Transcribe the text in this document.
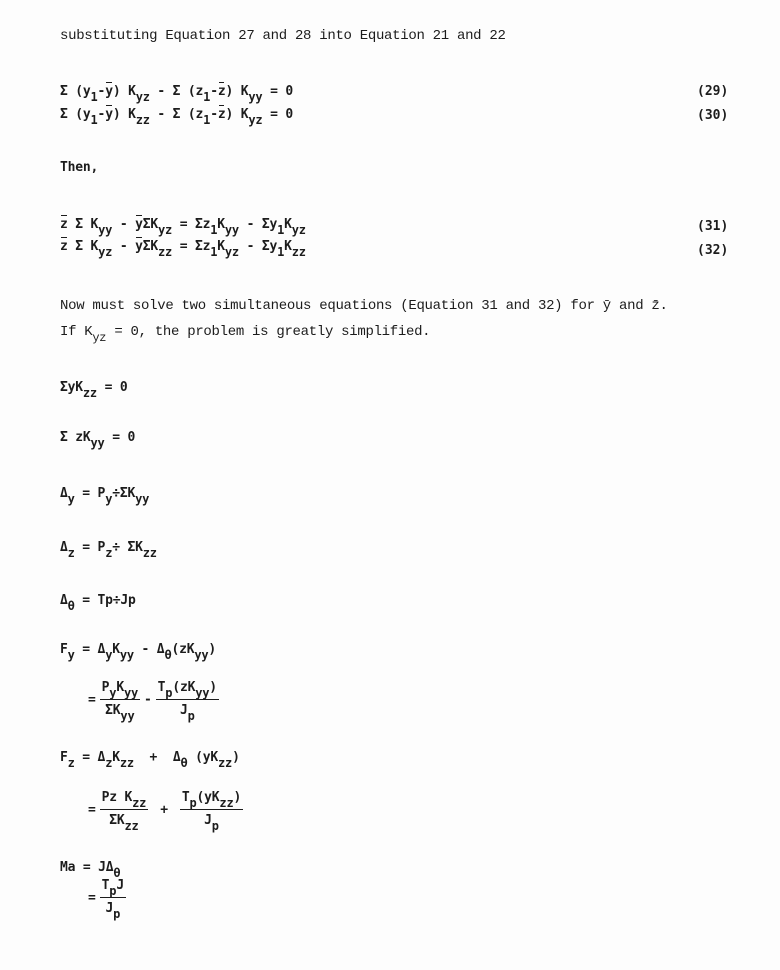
substituting Equation 27 and 28 into Equation 21 and 22
Σ $(y_1-y)$ $K_{yz}$ - Σ $(z_1-z) K_{yy} = 0$	(29)
Σ $(y_1-y)$ $K_{zz}$ - Σ $(z_1-z) K_{yz} = 0$	(30)
Then,
z Σ $K_{yy} - y\Sigma K_{yz} = \Sigma z_1K_{yy} - \Sigma y_1K_{yz}$	(31)
z Σ $K_{yz} - y\Sigma K_{zz} = \Sigma z_1K_{yz} - \Sigma y_1K_{zz}$	(32)
Now must solve two simultaneous equations (Equation 31 and 32) for ȳ and z̄.
If $K_{yz} = 0$, the problem is greatly simplified.
ΣyK$_{zz}$ = 0
Σ $zK_{yy} = 0$
$\Delta_y = P_y\div\Sigma K_{yy}$
$\Delta_z = P_z\div \Sigma K_{zz}$
$\Delta_\theta = Tp\div Jp$
$F_y = \Delta_yK_{yy} - \Delta_\theta(zK_{yy})$
= $\frac{P_yK_{yy}}{\Sigma K_{yy}} - \frac{T_p(zK_{yy})}{J_p}$
$F_z = \Delta_zK_{zz} + \Delta_\theta$ $(yK_{zz})$
= $\frac{Pz K_{zz}}{\Sigma K_{zz}} + \frac{T_p(yK_{zz})}{J_p}$
$Ma = J\Delta_\theta$
= $\frac{T_pJ}{J_p}$
